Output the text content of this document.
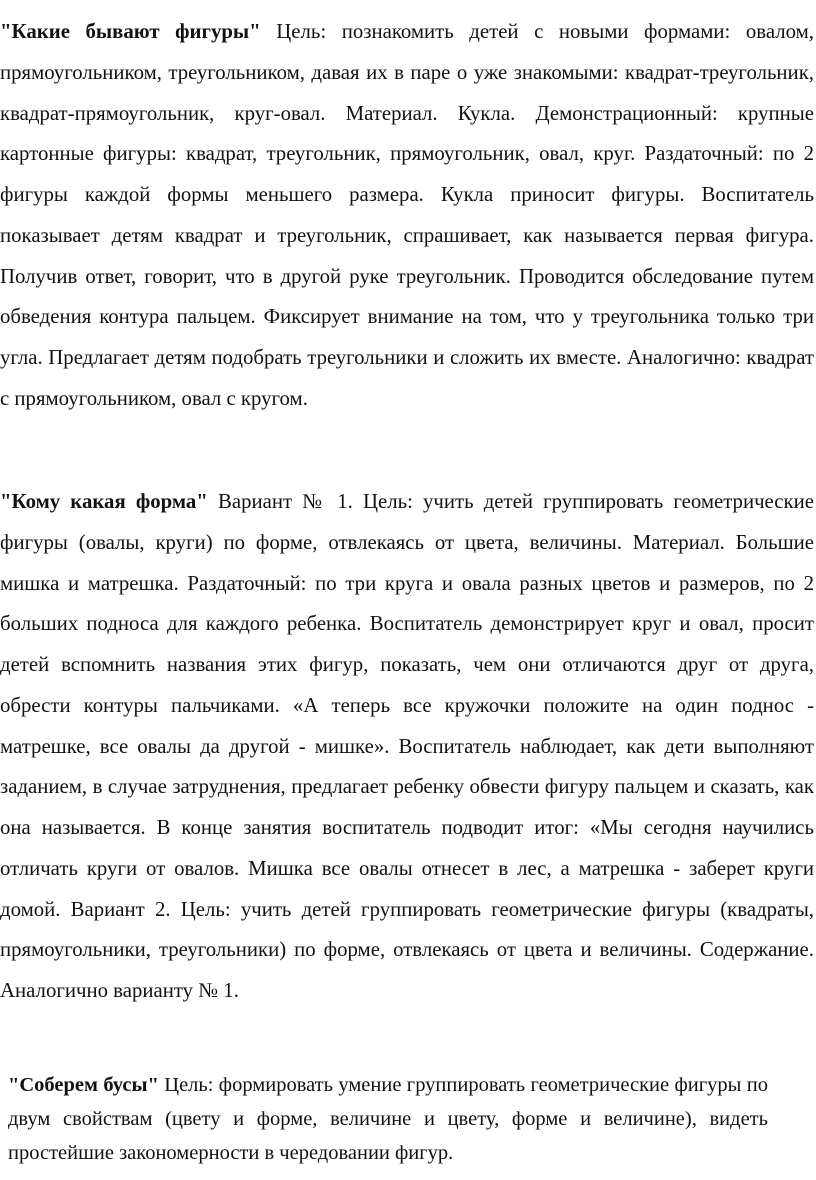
"Какие бывают фигуры" Цель: познакомить детей с новыми формами: овалом, прямоугольником, треугольником, давая их в паре о уже знакомыми: квадрат-треугольник, квадрат-прямоугольник, круг-овал. Материал. Кукла. Демонстрационный: крупные картонные фигуры: квадрат, треугольник, прямоугольник, овал, круг. Раздаточный: по 2 фигуры каждой формы меньшего размера. Кукла приносит фигуры. Воспитатель показывает детям квадрат и треугольник, спрашивает, как называется первая фигура. Получив ответ, говорит, что в другой руке треугольник. Проводится обследование путем обведения контура пальцем. Фиксирует внимание на том, что у треугольника только три угла. Предлагает детям подобрать треугольники и сложить их вместе. Аналогично: квадрат с прямоугольником, овал с кругом.

"Кому какая форма" Вариант № 1. Цель: учить детей группировать геометрические фигуры (овалы, круги) по форме, отвлекаясь от цвета, величины. Материал. Большие мишка и матрешка. Раздаточный: по три круга и овала разных цветов и размеров, по 2 больших подноса для каждого ребенка. Воспитатель демонстрирует круг и овал, просит детей вспомнить названия этих фигур, показать, чем они отличаются друг от друга, обрести контуры пальчиками. «А теперь все кружочки положите на один поднос - матрешке, все овалы да другой - мишке». Воспитатель наблюдает, как дети выполняют заданием, в случае затруднения, предлагает ребенку обвести фигуру пальцем и сказать, как она называется. В конце занятия воспитатель подводит итог: «Мы сегодня научились отличать круги от овалов. Мишка все овалы отнесет в лес, а матрешка - заберет круги домой. Вариант 2. Цель: учить детей группировать геометрические фигуры (квадраты, прямоугольники, треугольники) по форме, отвлекаясь от цвета и величины. Содержание. Аналогично варианту № 1.

"Соберем бусы" Цель: формировать умение группировать геометрические фигуры по двум свойствам (цвету и форме, величине и цвету, форме и величине), видеть простейшие закономерности в чередовании фигур.
